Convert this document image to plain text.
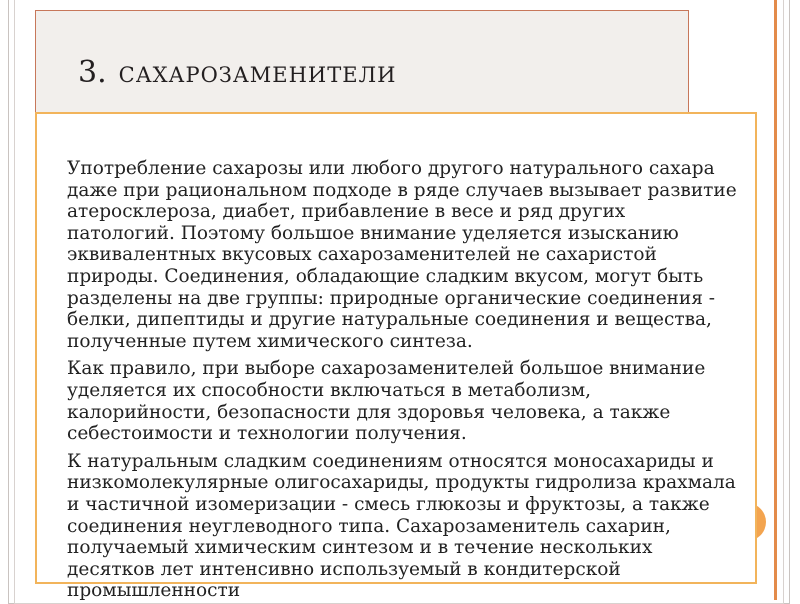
3. САХАРОЗАМЕНИТЕЛИ
Употребление сахарозы или любого другого натурального сахара даже при рациональном подходе в ряде случаев вызывает развитие атеросклероза, диабет, прибавление в весе и ряд других патологий. Поэтому большое внимание уделяется изысканию эквивалентных вкусовых сахарозаменителей не сахаристой природы. Соединения, обладающие сладким вкусом, могут быть разделены на две группы: природные органические соединения - белки, дипептиды и другие натуральные соединения и вещества, полученные путем химического синтеза.
Как правило, при выборе сахарозаменителей большое внимание уделяется их способности включаться в метаболизм, калорийности, безопасности для здоровья человека, а также себестоимости и технологии получения.
К натуральным сладким соединениям относятся моносахариды и низкомолекулярные олигосахариды, продукты гидролиза крахмала и частичной изомеризации - смесь глюкозы и фруктозы, а также соединения неуглеводного типа. Сахарозаменитель сахарин, получаемый химическим синтезом и в течение нескольких десятков лет интенсивно используемый в кондитерской промышленности
